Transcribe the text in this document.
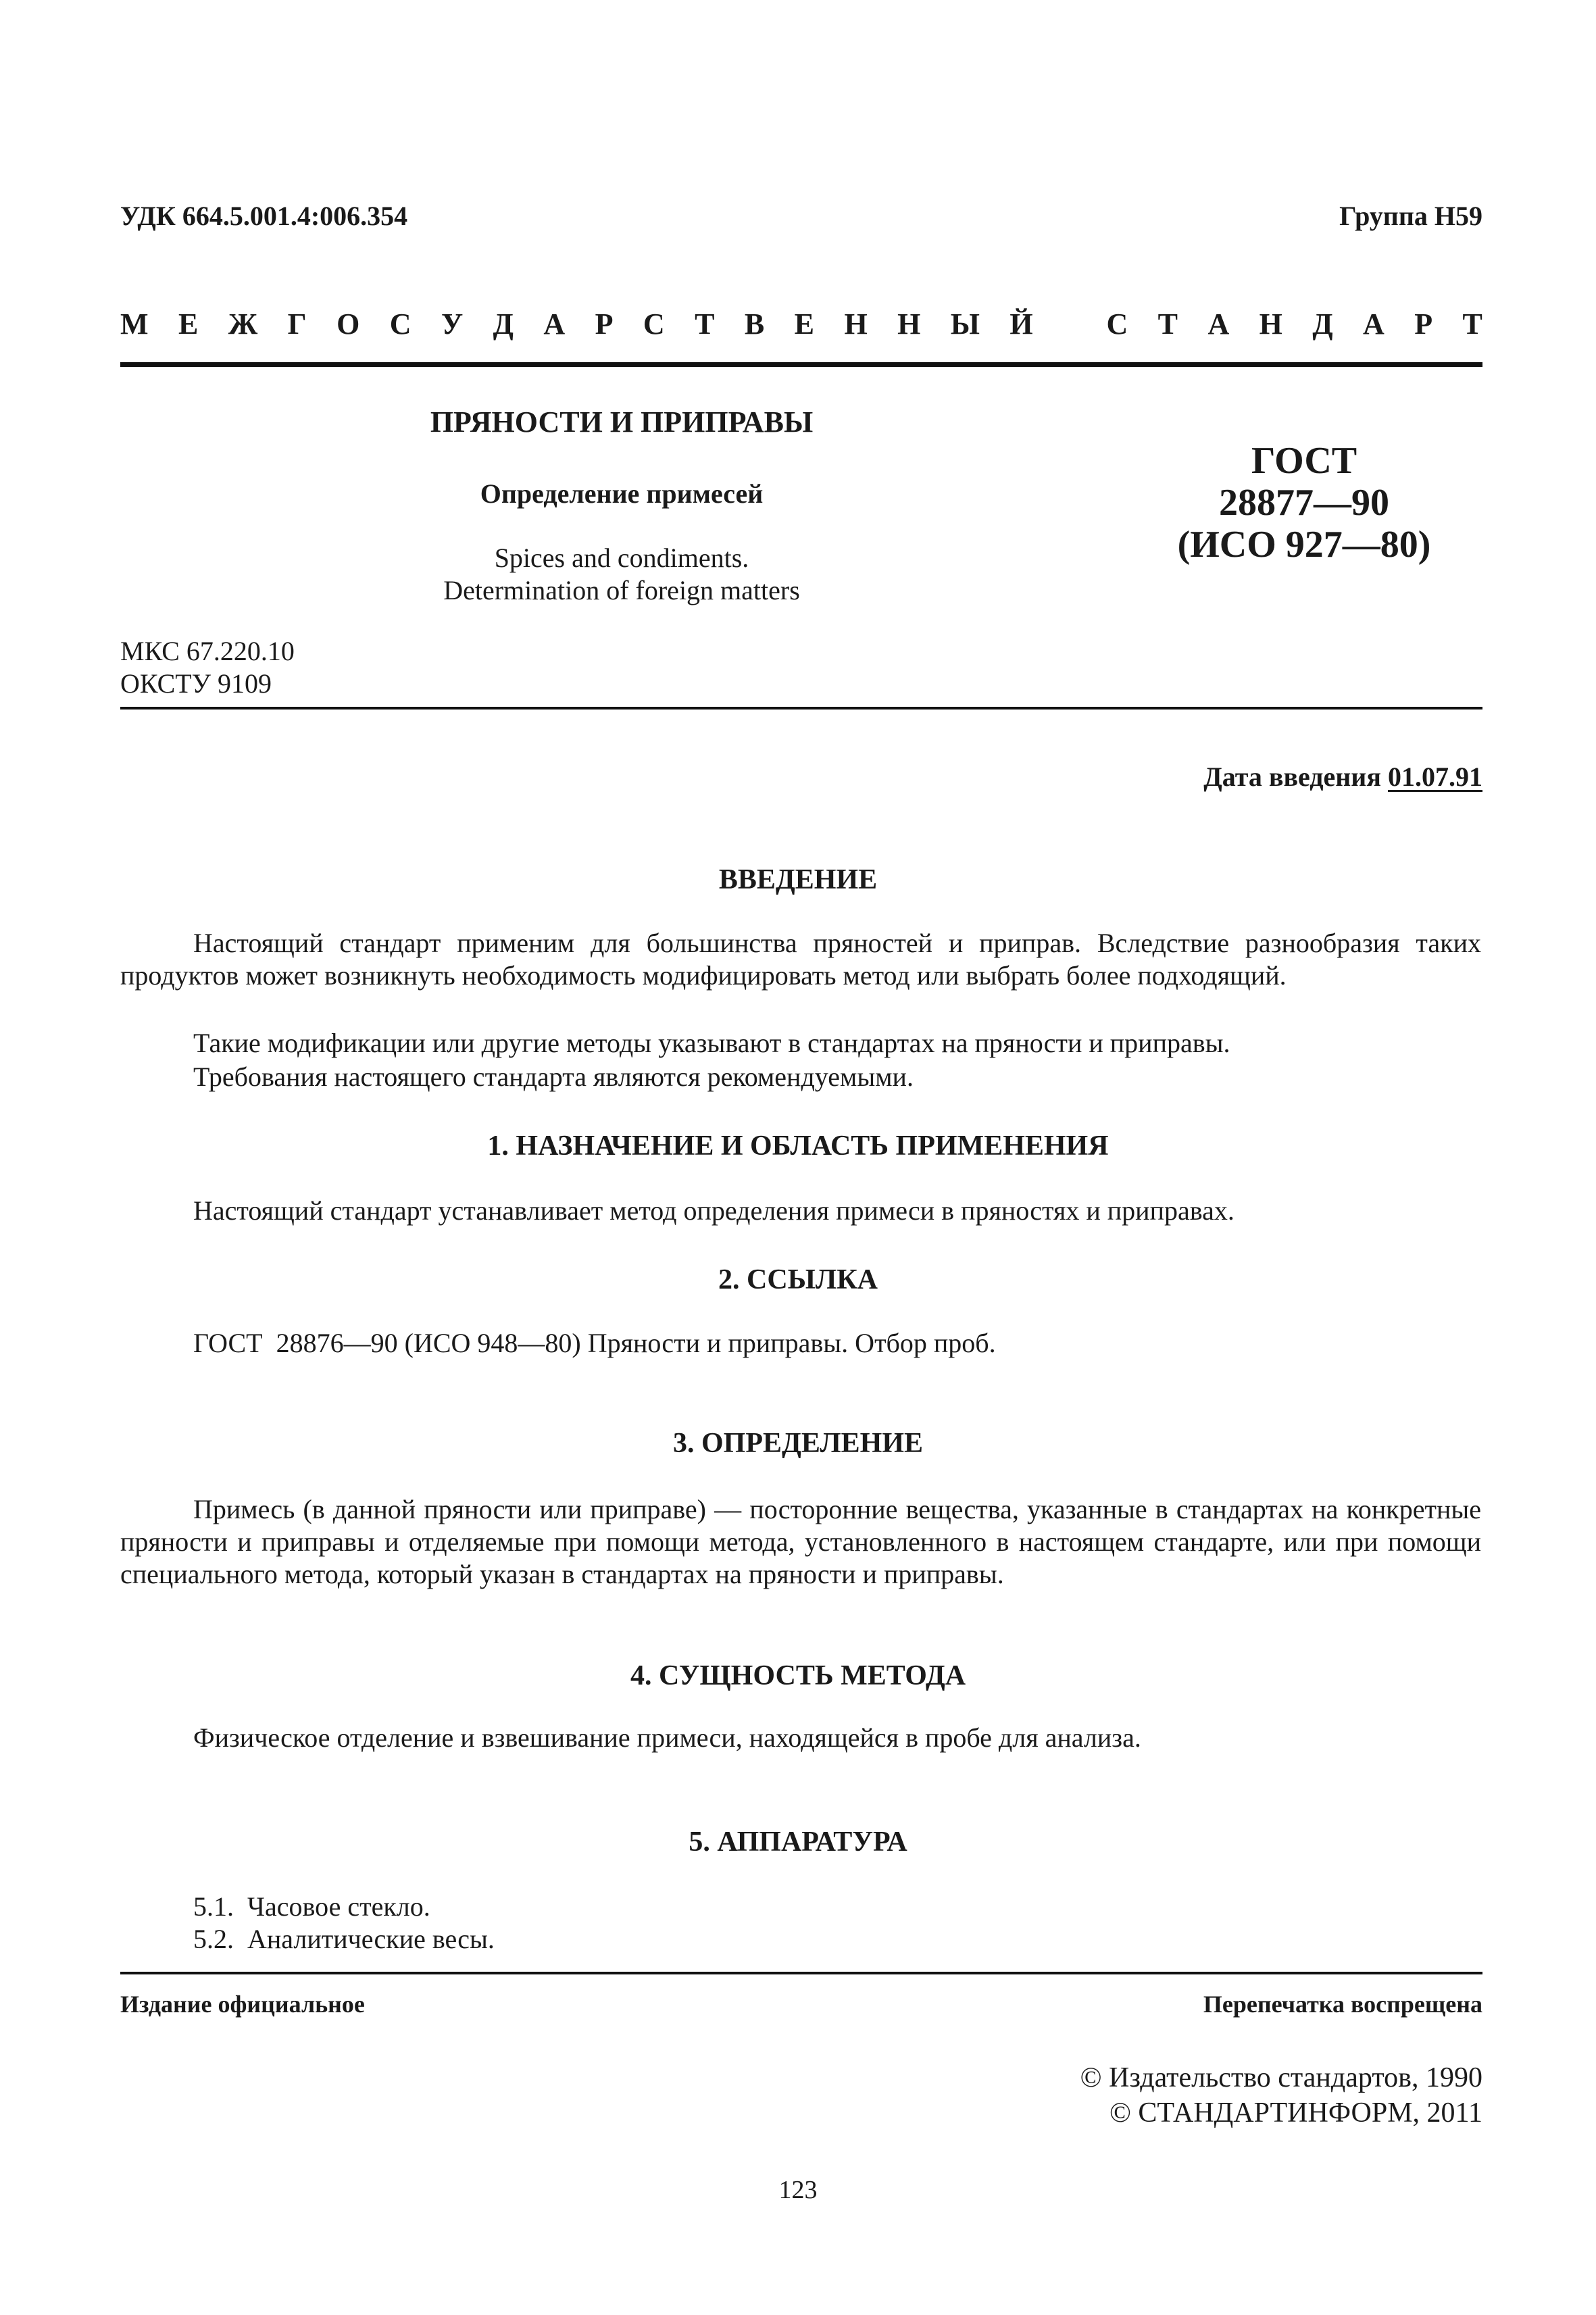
УДК 664.5.001.4:006.354	Группа Н59
М Е Ж Г О С У Д А Р С Т В Е Н Н Ы Й С Т А Н Д А Р Т
ПРЯНОСТИ И ПРИПРАВЫ
Определение примесей
Spices and condiments.
Determination of foreign matters
ГОСТ
28877—90
(ИСО 927—80)
МКС 67.220.10
ОКСТУ 9109
Дата введения 01.07.91
ВВЕДЕНИЕ
Настоящий стандарт применим для большинства пряностей и приправ. Вследствие разнообразия таких продуктов может возникнуть необходимость модифицировать метод или выбрать более подходящий.
Такие модификации или другие методы указывают в стандартах на пряности и приправы.
Требования настоящего стандарта являются рекомендуемыми.
1. НАЗНАЧЕНИЕ И ОБЛАСТЬ ПРИМЕНЕНИЯ
Настоящий стандарт устанавливает метод определения примеси в пряностях и приправах.
2. ССЫЛКА
ГОСТ  28876—90 (ИСО 948—80) Пряности и приправы. Отбор проб.
3. ОПРЕДЕЛЕНИЕ
Примесь (в данной пряности или приправе) — посторонние вещества, указанные в стандартах на конкретные пряности и приправы и отделяемые при помощи метода, установленного в настоящем стандарте, или при помощи специального метода, который указан в стандартах на пряности и приправы.
4. СУЩНОСТЬ МЕТОДА
Физическое отделение и взвешивание примеси, находящейся в пробе для анализа.
5. АППАРАТУРА
5.1.  Часовое стекло.
5.2.  Аналитические весы.
Издание официальное	Перепечатка воспрещена
© Издательство стандартов, 1990
© СТАНДАРТИНФОРМ, 2011
123
